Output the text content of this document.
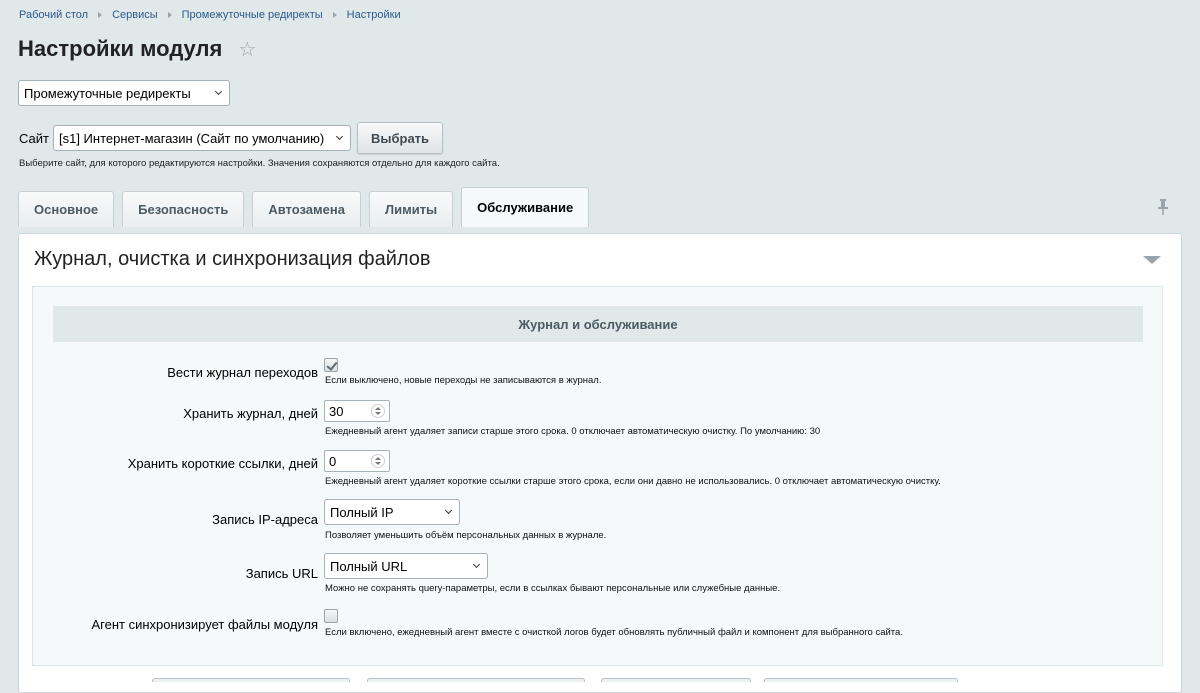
Рабочий стол Сервисы Промежуточные редиректы Настройки
Настройки модуля ☆
Промежуточные редиректы
Сайт [s1] Интернет-магазин (Сайт по умолчанию)	Выбрать
Выберите сайт, для которого редактируются настройки. Значения сохраняются отдельно для каждого сайта.
Основное	Безопасность	Автозамена	Лимиты	Обслуживание
Журнал, очистка и синхронизация файлов
Журнал и обслуживание
Вести журнал переходов
Если выключено, новые переходы не записываются в журнал.
Хранить журнал, дней 30
Ежедневный агент удаляет записи старше этого срока. 0 отключает автоматическую очистку. По умолчанию: 30
Хранить короткие ссылки, дней 0
Ежедневный агент удаляет короткие ссылки старше этого срока, если они давно не использовались. 0 отключает автоматическую очистку.
Запись IP-адреса Полный IP
Позволяет уменьшить объём персональных данных в журнале.
Запись URL Полный URL
Можно не сохранять query-параметры, если в ссылках бывают персональные или служебные данные.
Агент синхронизирует файлы модуля
Если включено, ежедневный агент вместе с очисткой логов будет обновлять публичный файл и компонент для выбранного сайта.
